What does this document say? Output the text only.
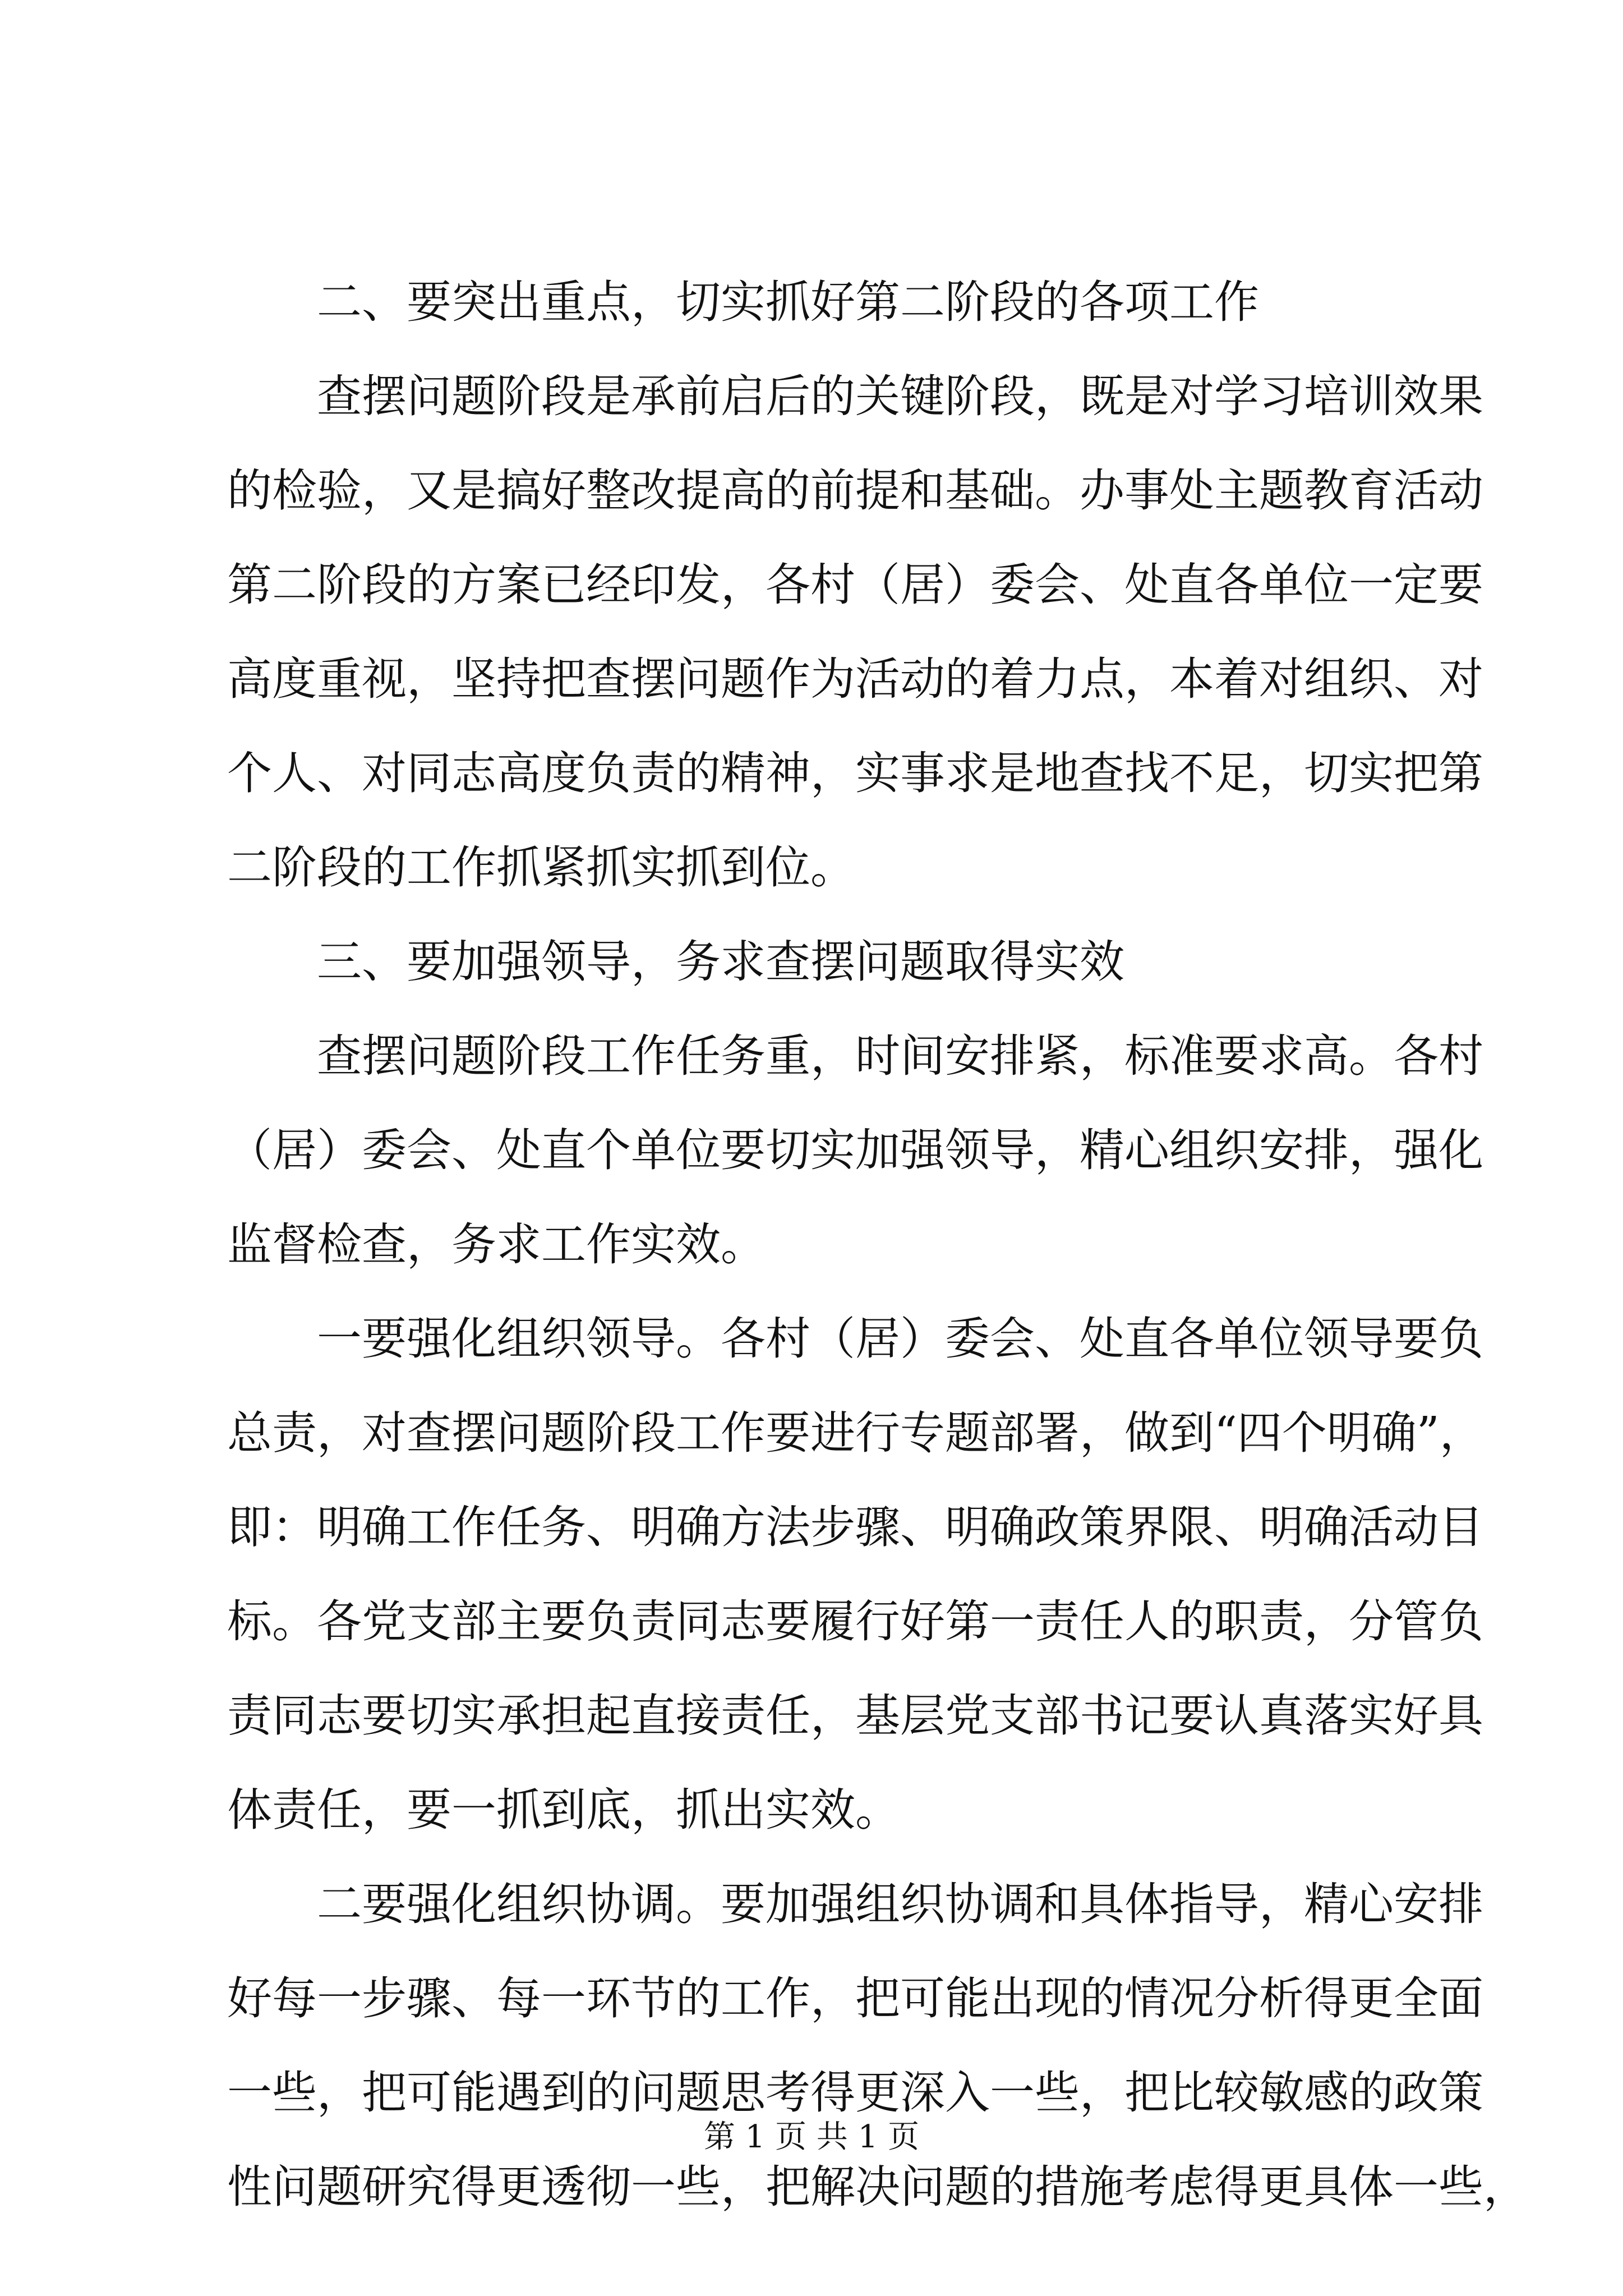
二、要突出重点，切实抓好第二阶段的各项工作
查摆问题阶段是承前启后的关键阶段，既是对学习培训效果
的检验，又是搞好整改提高的前提和基础。办事处主题教育活动
第二阶段的方案已经印发，各村（居）委会、处直各单位一定要
高度重视，坚持把查摆问题作为活动的着力点，本着对组织、对
个人、对同志高度负责的精神，实事求是地查找不足，切实把第
二阶段的工作抓紧抓实抓到位。
三、要加强领导，务求查摆问题取得实效
查摆问题阶段工作任务重，时间安排紧，标准要求高。各村
（居）委会、处直个单位要切实加强领导，精心组织安排，强化
监督检查，务求工作实效。
一要强化组织领导。各村（居）委会、处直各单位领导要负
总责，对查摆问题阶段工作要进行专题部署，做到“四个明确”，
即：明确工作任务、明确方法步骤、明确政策界限、明确活动目
标。各党支部主要负责同志要履行好第一责任人的职责，分管负
责同志要切实承担起直接责任，基层党支部书记要认真落实好具
体责任，要一抓到底，抓出实效。
二要强化组织协调。要加强组织协调和具体指导，精心安排
好每一步骤、每一环节的工作，把可能出现的情况分析得更全面
一些，把可能遇到的问题思考得更深入一些，把比较敏感的政策
性问题研究得更透彻一些，把解决问题的措施考虑得更具体一些，
第 1 页 共 1 页
